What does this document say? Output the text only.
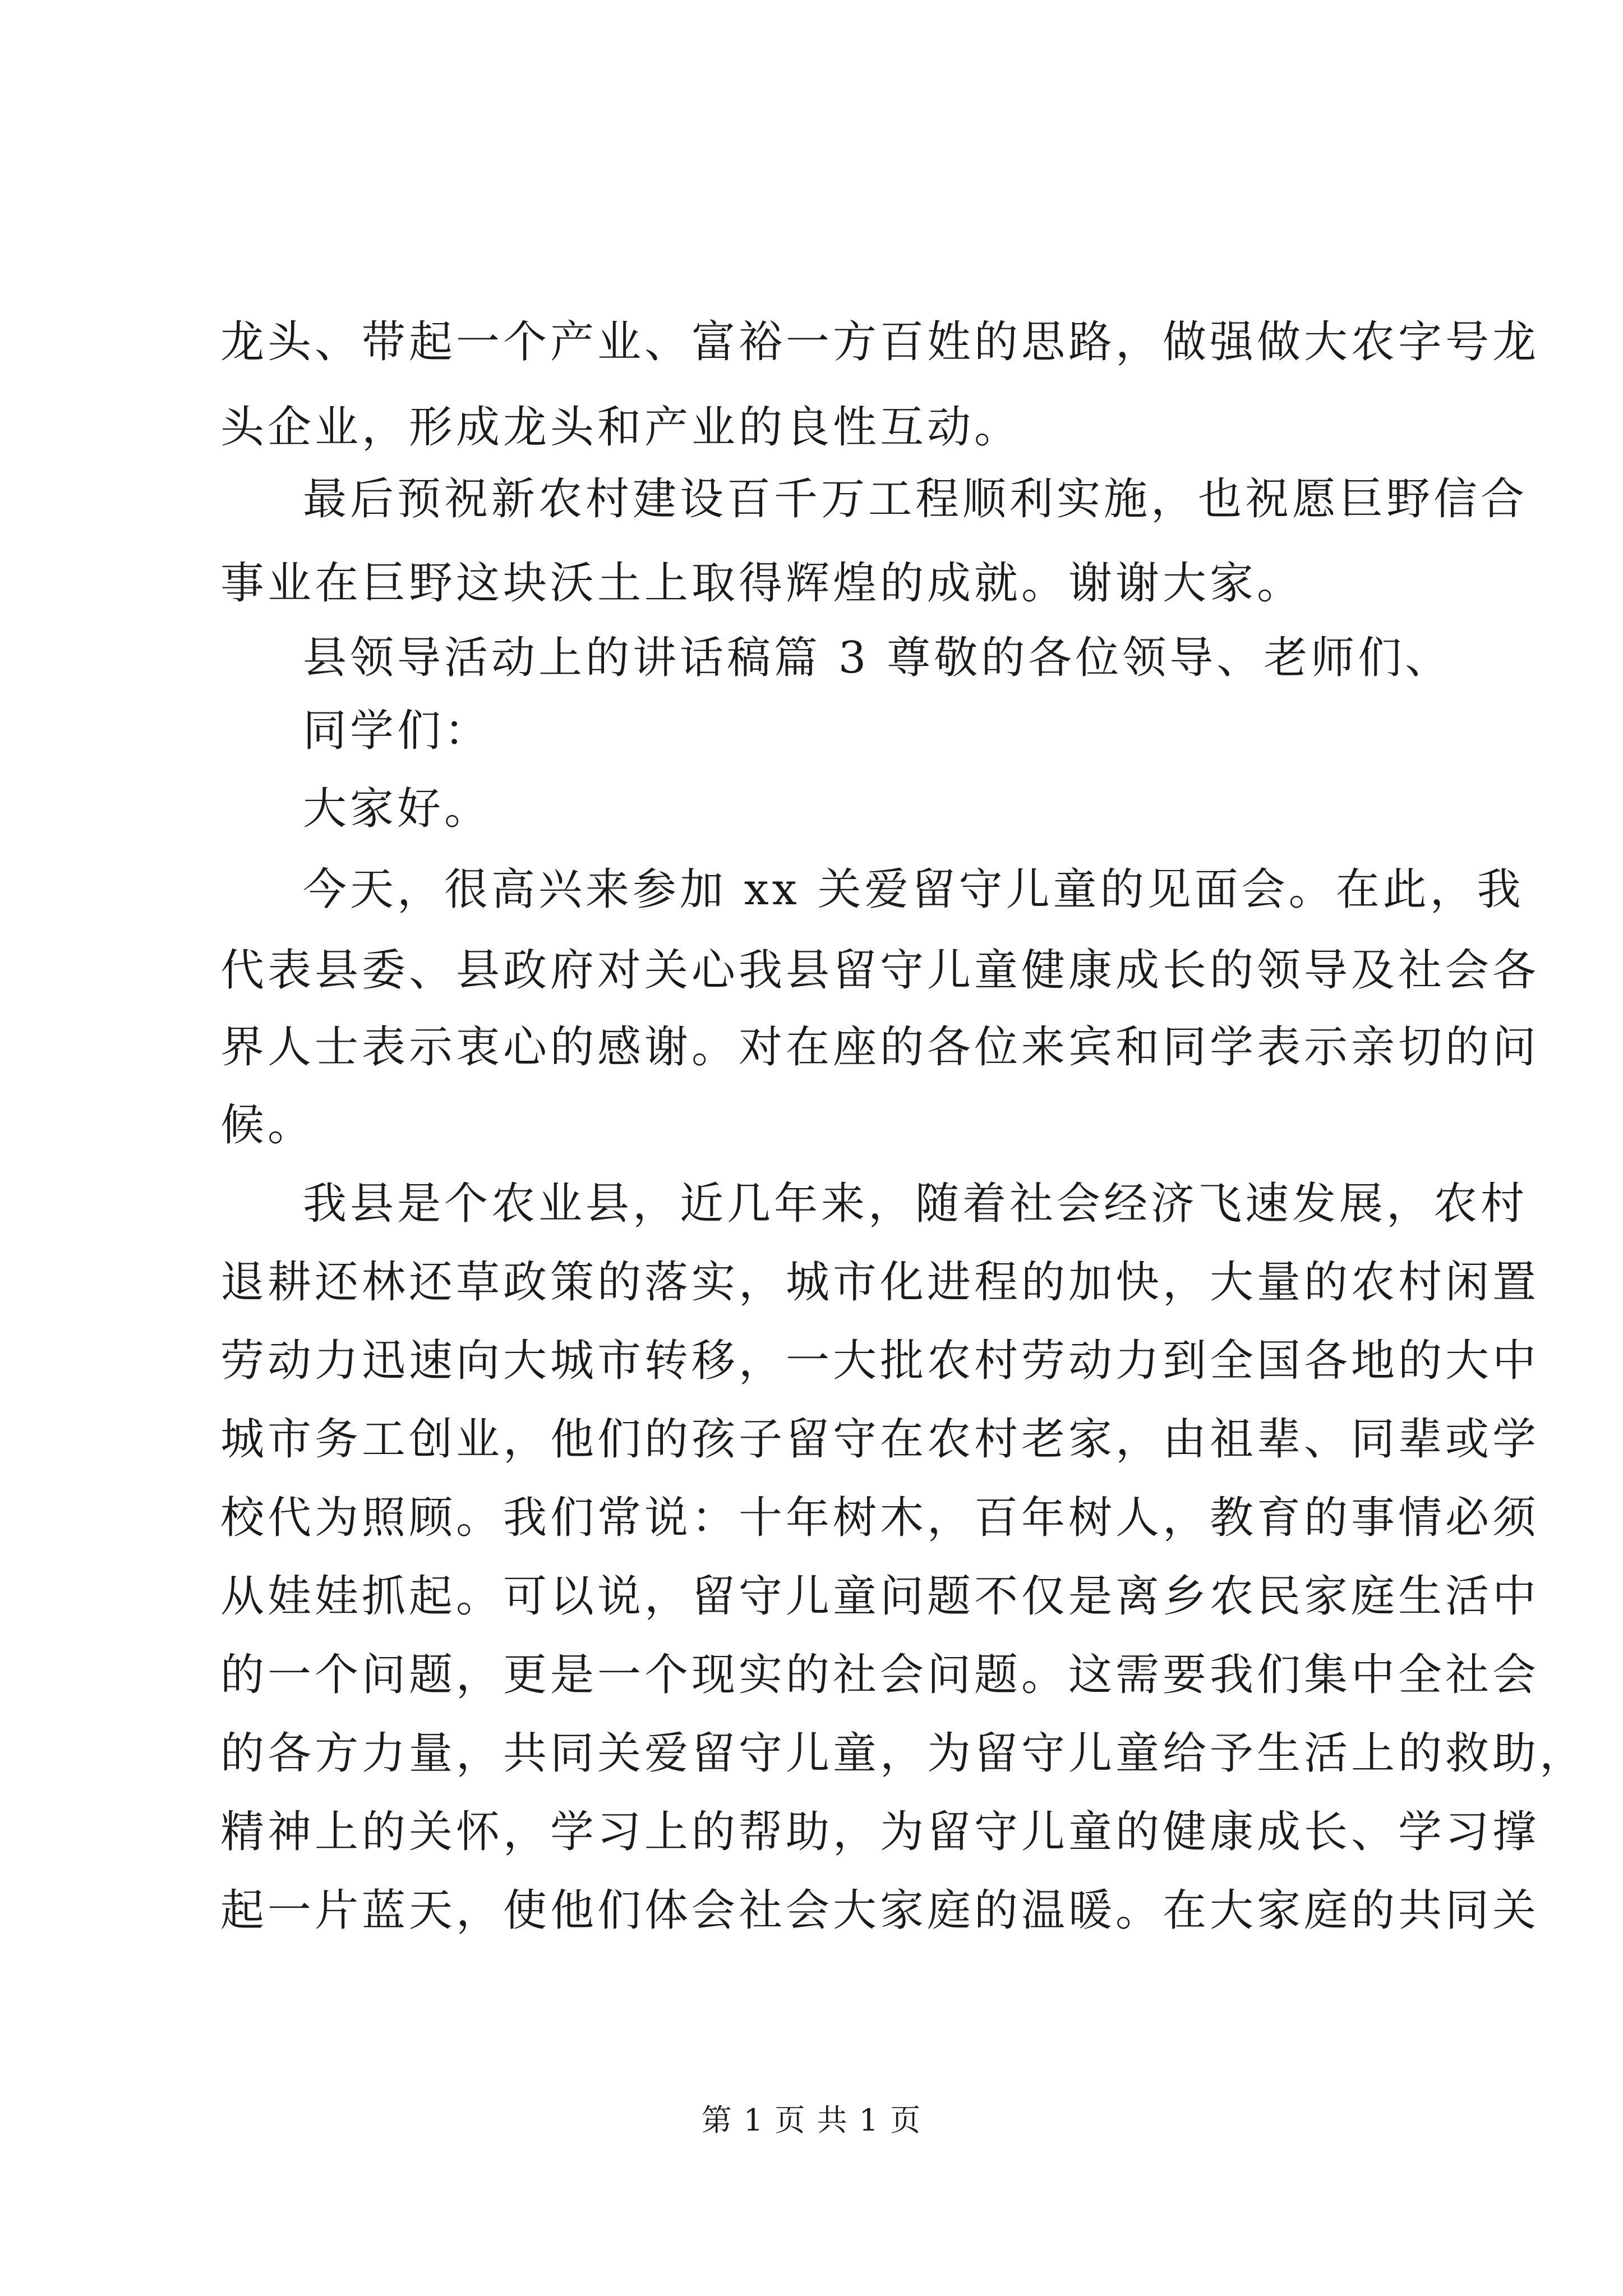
龙头、带起一个产业、富裕一方百姓的思路，做强做大农字号龙

头企业，形成龙头和产业的良性互动。

最后预祝新农村建设百千万工程顺利实施，也祝愿巨野信合

事业在巨野这块沃土上取得辉煌的成就。谢谢大家。

县领导活动上的讲话稿篇 3 尊敬的各位领导、老师们、

同学们：

大家好。

今天，很高兴来参加 xx 关爱留守儿童的见面会。在此，我

代表县委、县政府对关心我县留守儿童健康成长的领导及社会各

界人士表示衷心的感谢。对在座的各位来宾和同学表示亲切的问

候。

我县是个农业县，近几年来，随着社会经济飞速发展，农村

退耕还林还草政策的落实，城市化进程的加快，大量的农村闲置

劳动力迅速向大城市转移，一大批农村劳动力到全国各地的大中

城市务工创业，他们的孩子留守在农村老家，由祖辈、同辈或学

校代为照顾。我们常说：十年树木，百年树人，教育的事情必须

从娃娃抓起。可以说，留守儿童问题不仅是离乡农民家庭生活中

的一个问题，更是一个现实的社会问题。这需要我们集中全社会

的各方力量，共同关爱留守儿童，为留守儿童给予生活上的救助，

精神上的关怀，学习上的帮助，为留守儿童的健康成长、学习撑

起一片蓝天，使他们体会社会大家庭的温暖。在大家庭的共同关

第 1 页 共 1 页
